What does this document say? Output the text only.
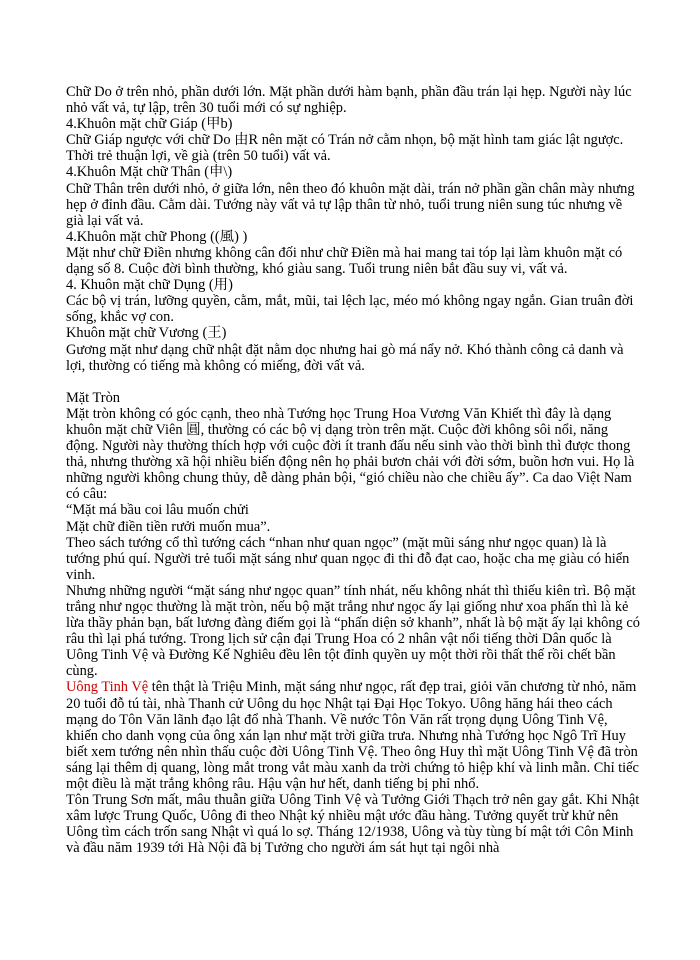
Chữ Do ở trên nhỏ, phần dưới lớn. Mặt phần dưới hàm bạnh, phần đầu trán lại hẹp. Người này lúc nhỏ vất vả, tự lập, trên 30 tuổi mới có sự nghiệp.

4.Khuôn mặt chữ Giáp (甲b)

Chữ Giáp ngược với chữ Do 由R nên mặt có Trán nở cằm nhọn, bộ mặt hình tam giác lật ngược. Thời trẻ thuận lợi, về già (trên 50 tuổi) vất vả.

4.Khuôn Mặt chữ Thân (申\)

Chữ Thân trên dưới nhỏ, ở giữa lớn, nên theo đó khuôn mặt dài, trán nở phần gần chân mày nhưng hẹp ở đỉnh đầu. Cằm dài. Tướng này vất vả tự lập thân từ nhỏ, tuổi trung niên sung túc nhưng về già lại vất vả.

4.Khuôn mặt chữ Phong ((風) )

Mặt như chữ Điền nhưng không cân đối như chữ Điền mà hai mang tai tóp lại làm khuôn mặt có dạng số 8. Cuộc đời bình thường, khó giàu sang. Tuổi trung niên bắt đầu suy vi, vất vả.

4. Khuôn mặt chữ Dụng (用)

Các bộ vị trán, lưỡng quyền, cằm, mắt, mũi, tai lệch lạc, méo mó không ngay ngắn. Gian truân đời sống, khắc vợ con.

Khuôn mặt chữ Vương (王)

Gương mặt như dạng chữ nhật đặt nằm dọc nhưng hai gò má nẩy nở. Khó thành công cả danh và lợi, thường có tiếng mà không có miếng, đời vất vả.

Mặt Tròn

Mặt tròn không có góc cạnh, theo nhà Tướng học Trung Hoa Vương Văn Khiết thì đây là dạng khuôn mặt chữ Viên 圓, thường có các bộ vị dạng tròn trên mặt. Cuộc đời không sôi nổi, năng động. Người này thường thích hợp với cuộc đời ít tranh đấu nếu sinh vào thời bình thì được thong thả, nhưng thường xã hội nhiều biến động nên họ phải bươn chải với đời sớm, buồn hơn vui. Họ là những người không chung thủy, dễ dàng phản bội, “gió chiều nào che chiều ấy”. Ca dao Việt Nam có câu:

“Mặt má bầu coi lâu muốn chửi

Mặt chữ điền tiền rưởi muốn mua”.

Theo sách tướng cổ thì tướng cách “nhan như quan ngọc” (mặt mũi sáng như ngọc quan) là là tướng phú quí. Người trẻ tuổi mặt sáng như quan ngọc đi thi đỗ đạt cao, hoặc cha mẹ giàu có hiển vinh.

Nhưng những người “mặt sáng như ngọc quan” tính nhát, nếu không nhát thì thiếu kiên trì. Bộ mặt trắng như ngọc thường là mặt tròn, nếu bộ mặt trắng như ngọc ấy lại giống như xoa phấn thì là kẻ lừa thầy phản bạn, bất lương đàng điếm gọi là “phấn diện sở khanh”, nhất là bộ mặt ấy lại không có râu thì lại phá tướng. Trong lịch sử cận đại Trung Hoa có 2 nhân vật nổi tiếng thời Dân quốc là Uông Tinh Vệ và Đường Kế Nghiêu đều lên tột đỉnh quyền uy một thời rồi thất thế rồi chết bần cùng.

Uông Tinh Vệ tên thật là Triệu Minh, mặt sáng như ngọc, rất đẹp trai, giỏi văn chương từ nhỏ, năm 20 tuổi đỗ tú tài, nhà Thanh cử Uông du học Nhật tại Đại Học Tokyo. Uông hăng hái theo cách mạng do Tôn Văn lãnh đạo lật đổ nhà Thanh. Về nước Tôn Văn rất trọng dụng Uông Tinh Vệ, khiến cho danh vọng của ông xán lạn như mặt trời giữa trưa. Nhưng nhà Tướng học Ngô Trĩ Huy biết xem tướng nên nhìn thấu cuộc đời Uông Tinh Vệ. Theo ông Huy thì mặt Uông Tinh Vệ đã tròn sáng lại thêm dị quang, lòng mắt trong vắt màu xanh da trời chứng tỏ hiệp khí và linh mẫn. Chỉ tiếc một điều là mặt trắng không râu. Hậu vận hư hết, danh tiếng bị phỉ nhổ.

Tôn Trung Sơn mất, mâu thuẫn giữa Uông Tinh Vệ và Tưởng Giới Thạch trở nên gay gắt. Khi Nhật xâm lược Trung Quốc, Uông đi theo Nhật ký nhiều mật ước đầu hàng. Tưởng quyết trừ khử nên Uông tìm cách trốn sang Nhật vì quá lo sợ. Tháng 12/1938, Uông và tùy tùng bí mật tới Côn Minh và đầu năm 1939 tới Hà Nội đã bị Tưởng cho người ám sát hụt tại ngôi nhà
